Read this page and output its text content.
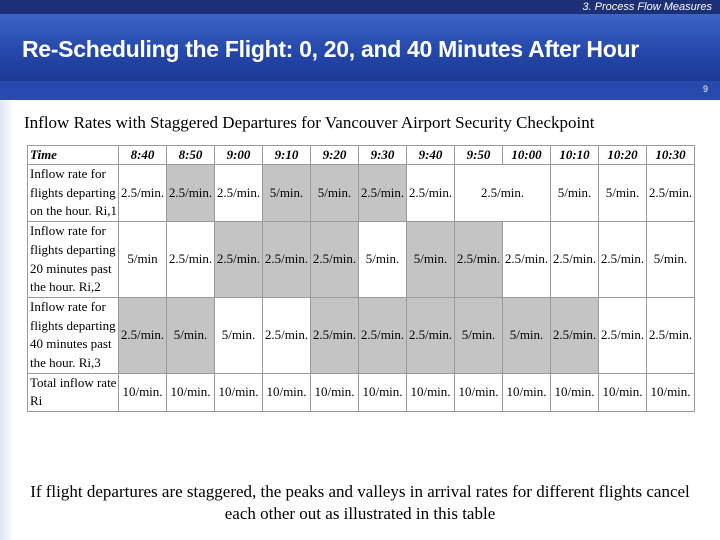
3. Process Flow Measures
Re-Scheduling the Flight: 0, 20, and 40 Minutes After Hour
9
Inflow Rates with Staggered Departures for Vancouver Airport Security Checkpoint
Time	8:40	8:50	9:00	9:10	9:20	9:30	9:40	9:50	10:00	10:10	10:20	10:30
Inflow rate for flights departing on the hour. Ri,1	2.5/min.	2.5/min.	2.5/min.	5/min.	5/min.	2.5/min.	2.5/min.	2.5/min.		5/min.	5/min.	2.5/min.
Inflow rate for flights departing 20 minutes past the hour. Ri,2	5/min	2.5/min.	2.5/min.	2.5/min.	2.5/min.	5/min.	5/min.	2.5/min.	2.5/min.	2.5/min.	2.5/min.	5/min.
Inflow rate for flights departing 40 minutes past the hour. Ri,3	2.5/min.	5/min.	5/min.	2.5/min.	2.5/min.	2.5/min.	2.5/min.	5/min.	5/min.	2.5/min.	2.5/min.	2.5/min.
Total inflow rate Ri	10/min.	10/min.	10/min.	10/min.	10/min.	10/min.	10/min.	10/min.	10/min.	10/min.	10/min.	10/min.
If flight departures are staggered, the peaks and valleys in arrival rates for different flights cancel each other out as illustrated in this table
